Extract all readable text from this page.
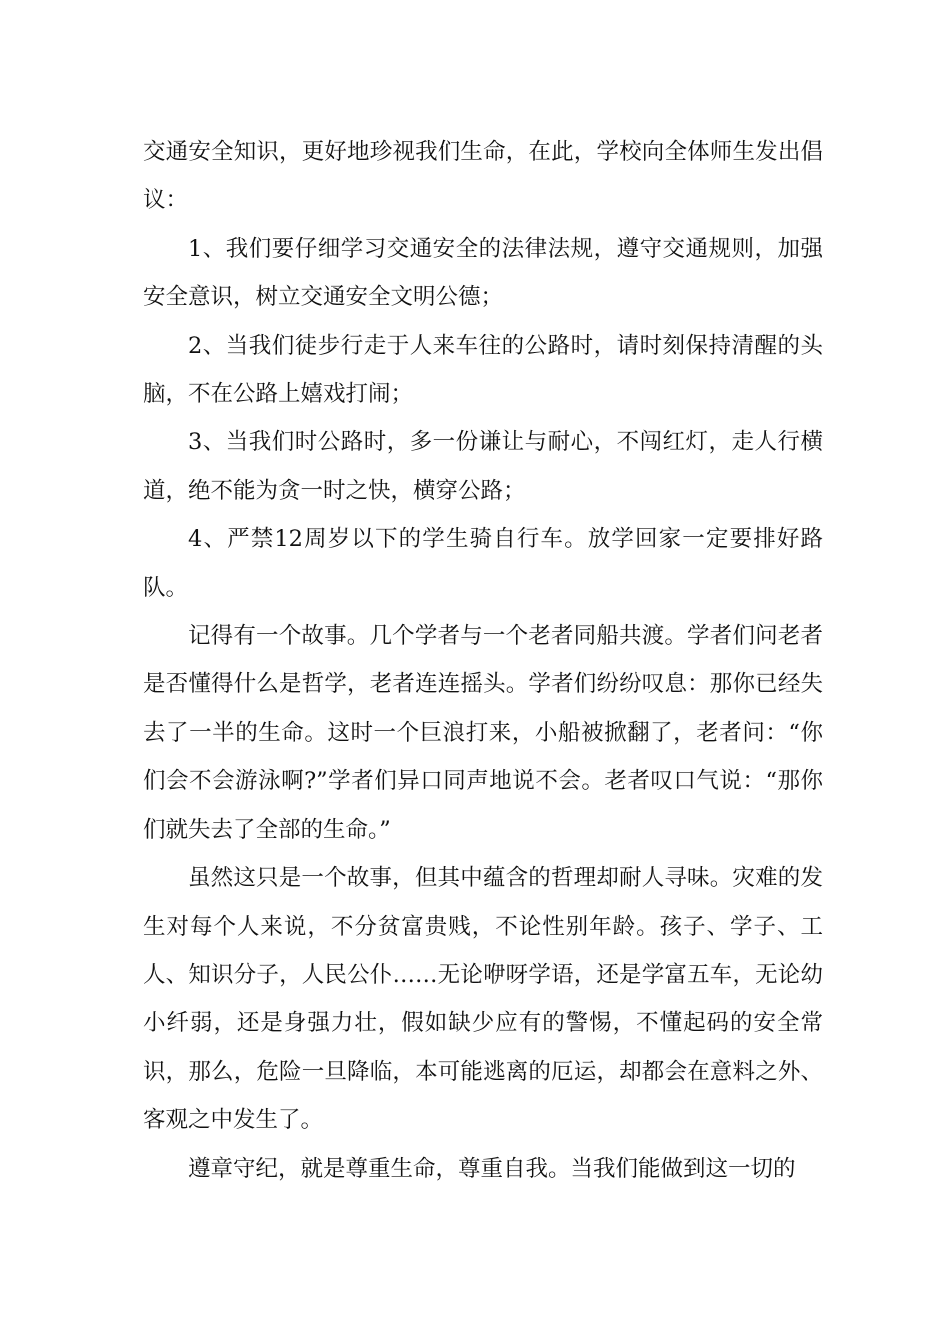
交通安全知识，更好地珍视我们生命，在此，学校向全体师生发出倡议：

1、我们要仔细学习交通安全的法律法规，遵守交通规则，加强安全意识，树立交通安全文明公德；

2、当我们徒步行走于人来车往的公路时，请时刻保持清醒的头脑，不在公路上嬉戏打闹；

3、当我们时公路时，多一份谦让与耐心，不闯红灯，走人行横道，绝不能为贪一时之快，横穿公路；

4、严禁12周岁以下的学生骑自行车。放学回家一定要排好路队。

记得有一个故事。几个学者与一个老者同船共渡。学者们问老者是否懂得什么是哲学，老者连连摇头。学者们纷纷叹息：那你已经失去了一半的生命。这时一个巨浪打来，小船被掀翻了，老者问：“你们会不会游泳啊?”学者们异口同声地说不会。老者叹口气说：“那你们就失去了全部的生命。”

虽然这只是一个故事，但其中蕴含的哲理却耐人寻味。灾难的发生对每个人来说，不分贫富贵贱，不论性别年龄。孩子、学子、工人、知识分子，人民公仆……无论咿呀学语，还是学富五车，无论幼小纤弱，还是身强力壮，假如缺少应有的警惕，不懂起码的安全常识，那么，危险一旦降临，本可能逃离的厄运，却都会在意料之外、客观之中发生了。

遵章守纪，就是尊重生命，尊重自我。当我们能做到这一切的
